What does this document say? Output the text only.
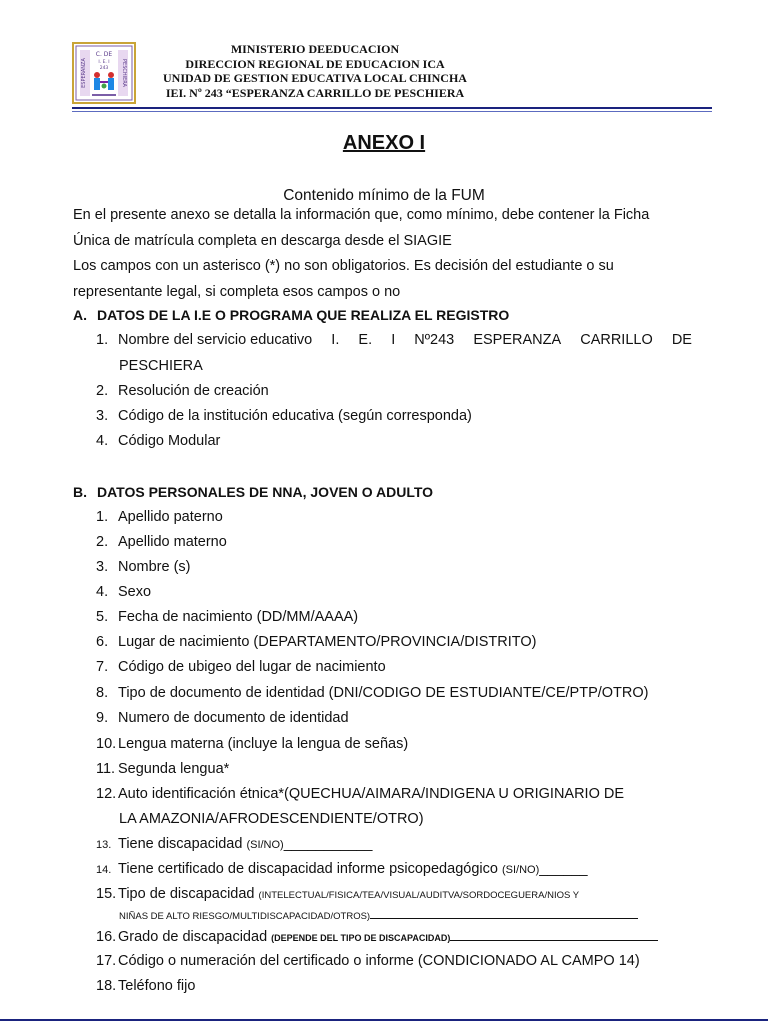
ESPERANZA	PESCHIERA
C. DE
I. E. I
243
MINISTERIO DEEDUCACION
DIRECCION REGIONAL DE EDUCACION ICA
UNIDAD DE GESTION EDUCATIVA LOCAL CHINCHA
IEI. Nº 243 “ESPERANZA CARRILLO DE PESCHIERA
ANEXO I
Contenido mínimo de la FUM
En el presente anexo se detalla la información que, como mínimo, debe contener la Ficha
Única de matrícula completa en descarga desde el SIAGIE
Los campos con un asterisco (*) no son obligatorios. Es decisión del estudiante o su
representante legal, si completa esos campos o no
A. DATOS DE LA I.E O PROGRAMA QUE REALIZA EL REGISTRO
1. Nombre del servicio educativo I. E. I Nº243 ESPERANZA CARRILLO DE
PESCHIERA
2. Resolución de creación
3. Código de la institución educativa (según corresponda)
4. Código Modular
B. DATOS PERSONALES DE NNA, JOVEN O ADULTO
1. Apellido paterno
2. Apellido materno
3. Nombre (s)
4. Sexo
5. Fecha de nacimiento (DD/MM/AAAA)
6. Lugar de nacimiento (DEPARTAMENTO/PROVINCIA/DISTRITO)
7. Código de ubigeo del lugar de nacimiento
8. Tipo de documento de identidad (DNI/CODIGO DE ESTUDIANTE/CE/PTP/OTRO)
9. Numero de documento de identidad
10. Lengua materna (incluye la lengua de señas)
11. Segunda lengua*
12. Auto identificación étnica*(QUECHUA/AIMARA/INDIGENA U ORIGINARIO DE
LA AMAZONIA/AFRODESCENDIENTE/OTRO)
13. Tiene discapacidad (SI/NO)___________
14. Tiene certificado de discapacidad informe psicopedagógico (SI/NO)______
15. Tipo de discapacidad (INTELECTUAL/FISICA/TEA/VISUAL/AUDITVA/SORDOCEGUERA/NIOS Y
NIÑAS DE ALTO RIESGO/MULTIDISCAPACIDAD/OTROS)
16. Grado de discapacidad (DEPENDE DEL TIPO DE DISCAPACIDAD)
17. Código o numeración del certificado o informe (CONDICIONADO AL CAMPO 14)
18. Teléfono fijo
